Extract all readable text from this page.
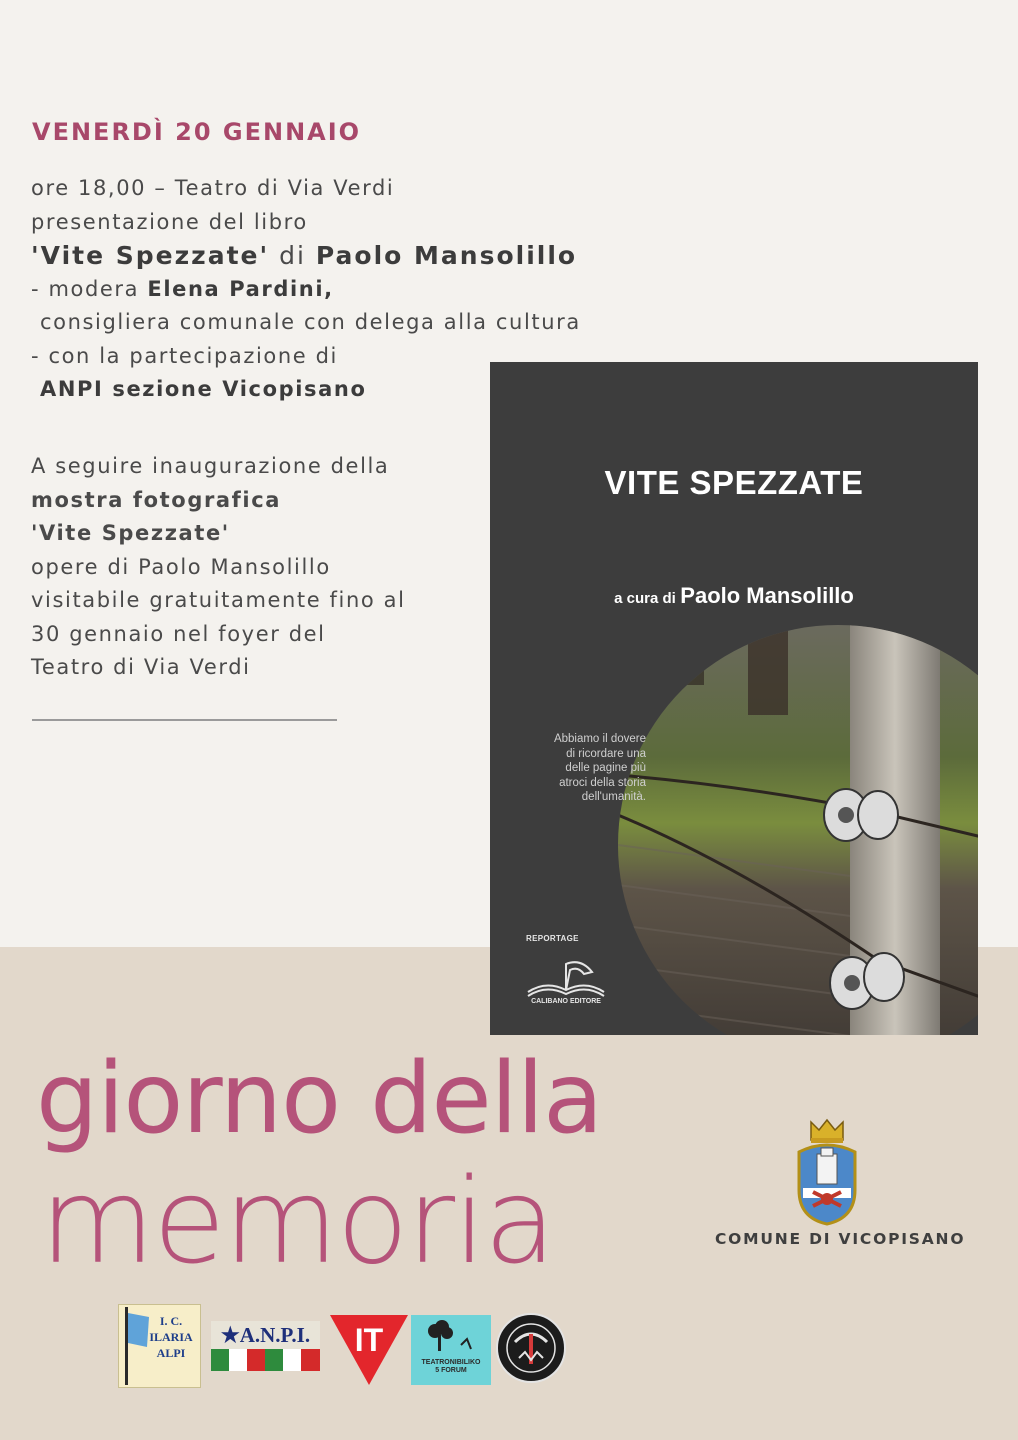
VENERDÌ 20 GENNAIO
ore 18,00 – Teatro di Via Verdi
presentazione del libro
'Vite Spezzate' di Paolo Mansolillo
- modera Elena Pardini,
consigliera comunale con delega alla cultura
- con la partecipazione di
ANPI sezione Vicopisano
A seguire inaugurazione della
mostra fotografica
'Vite Spezzate'
opere di Paolo Mansolillo
visitabile gratuitamente fino al
30 gennaio nel foyer del
Teatro di Via Verdi
VITE SPEZZATE
a cura di Paolo Mansolillo
Abbiamo il dovere
di ricordare una
delle pagine più
atroci della storia
dell'umanità.
REPORTAGE
CALIBANO EDITORE
giorno della
memoria	COMUNE DI VICOPISANO
I. C.
ILARIA
ALPI
★A.N.P.I.	IT
TEATRONIBILIKO
5 FORUM
